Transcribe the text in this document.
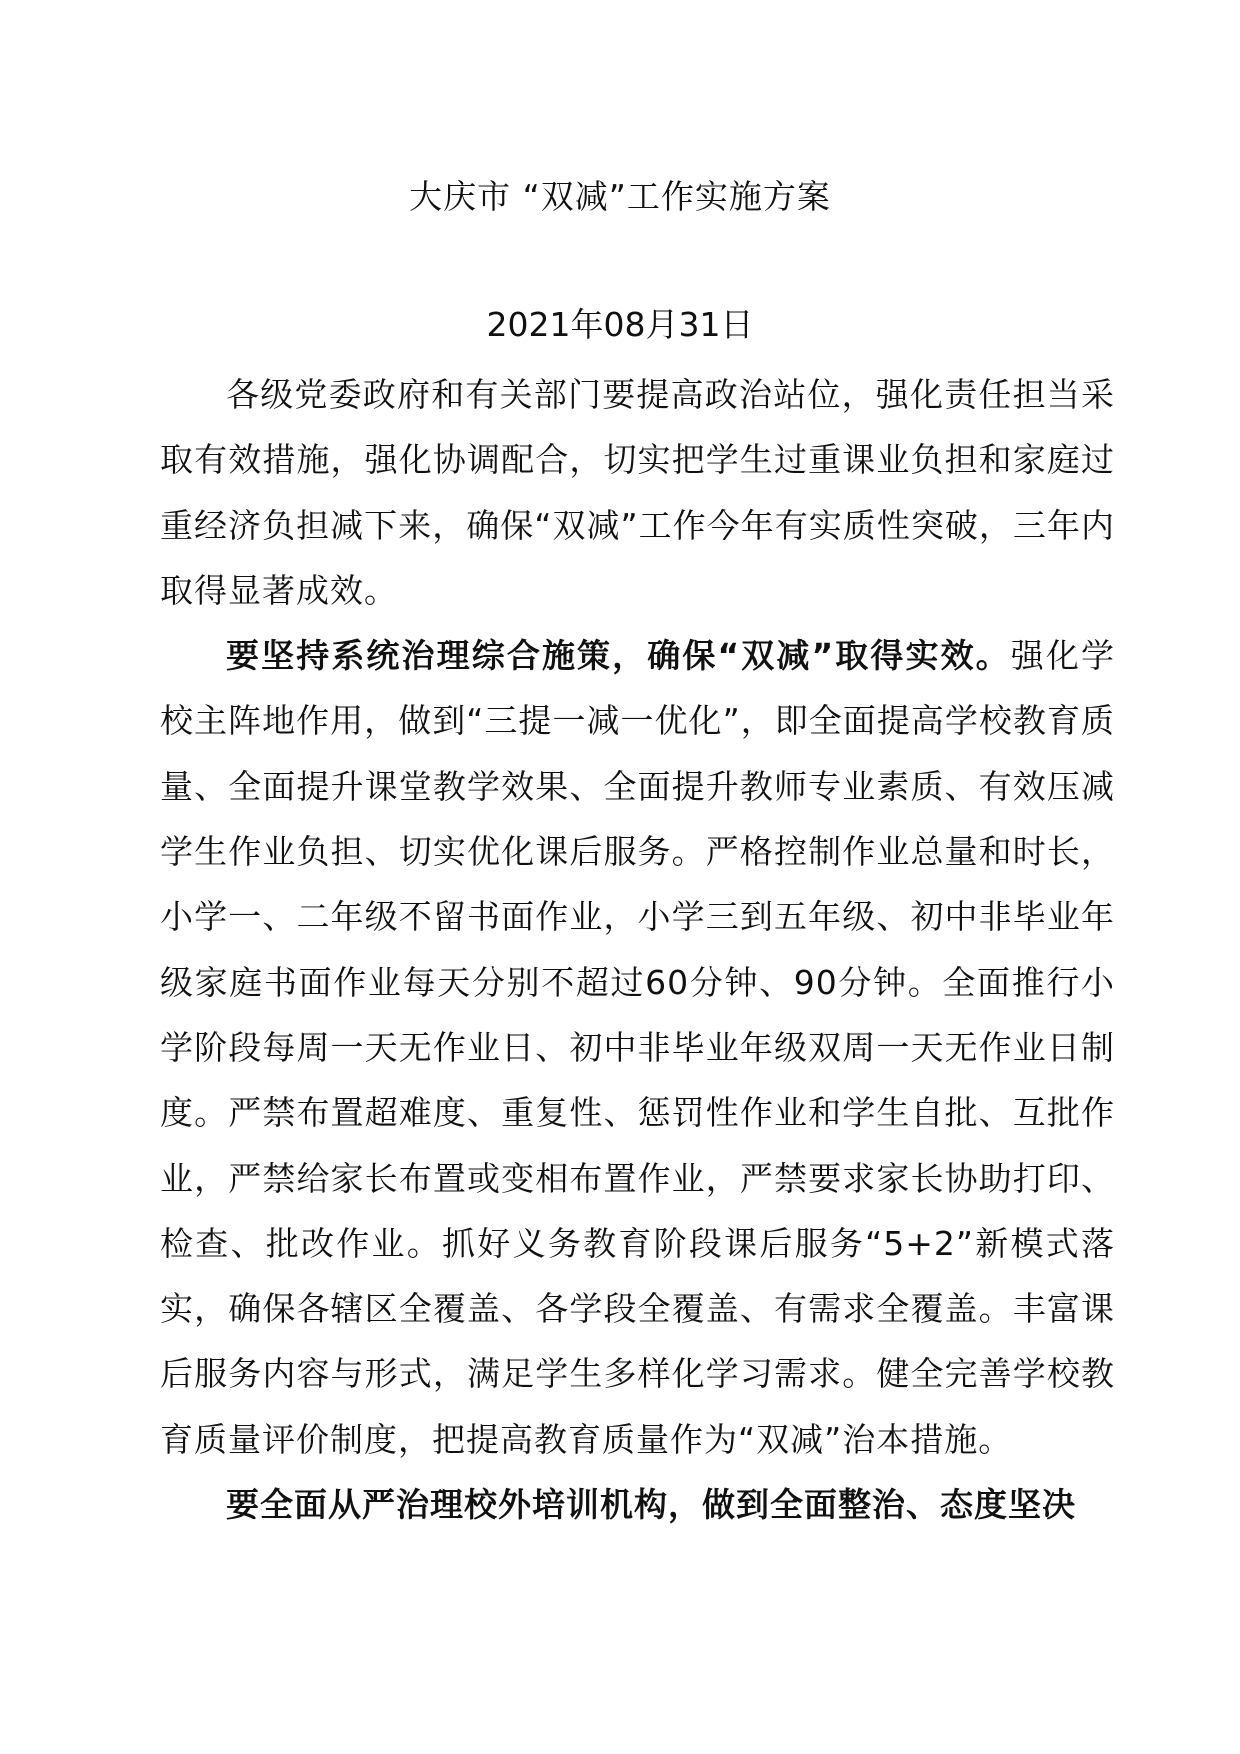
大庆市 “双减”工作实施方案
2021年08月31日

各级党委政府和有关部门要提高政治站位，强化责任担当采取有效措施，强化协调配合，切实把学生过重课业负担和家庭过重经济负担减下来，确保“双减”工作今年有实质性突破，三年内取得显著成效。

要坚持系统治理综合施策，确保“双减”取得实效。强化学校主阵地作用，做到“三提一减一优化”，即全面提高学校教育质量、全面提升课堂教学效果、全面提升教师专业素质、有效压减学生作业负担、切实优化课后服务。严格控制作业总量和时长，小学一、二年级不留书面作业，小学三到五年级、初中非毕业年级家庭书面作业每天分别不超过60分钟、90分钟。全面推行小学阶段每周一天无作业日、初中非毕业年级双周一天无作业日制度。严禁布置超难度、重复性、惩罚性作业和学生自批、互批作业，严禁给家长布置或变相布置作业，严禁要求家长协助打印、检查、批改作业。抓好义务教育阶段课后服务“5+2”新模式落实，确保各辖区全覆盖、各学段全覆盖、有需求全覆盖。丰富课后服务内容与形式，满足学生多样化学习需求。健全完善学校教育质量评价制度，把提高教育质量作为“双减”治本措施。

要全面从严治理校外培训机构，做到全面整治、态度坚决
